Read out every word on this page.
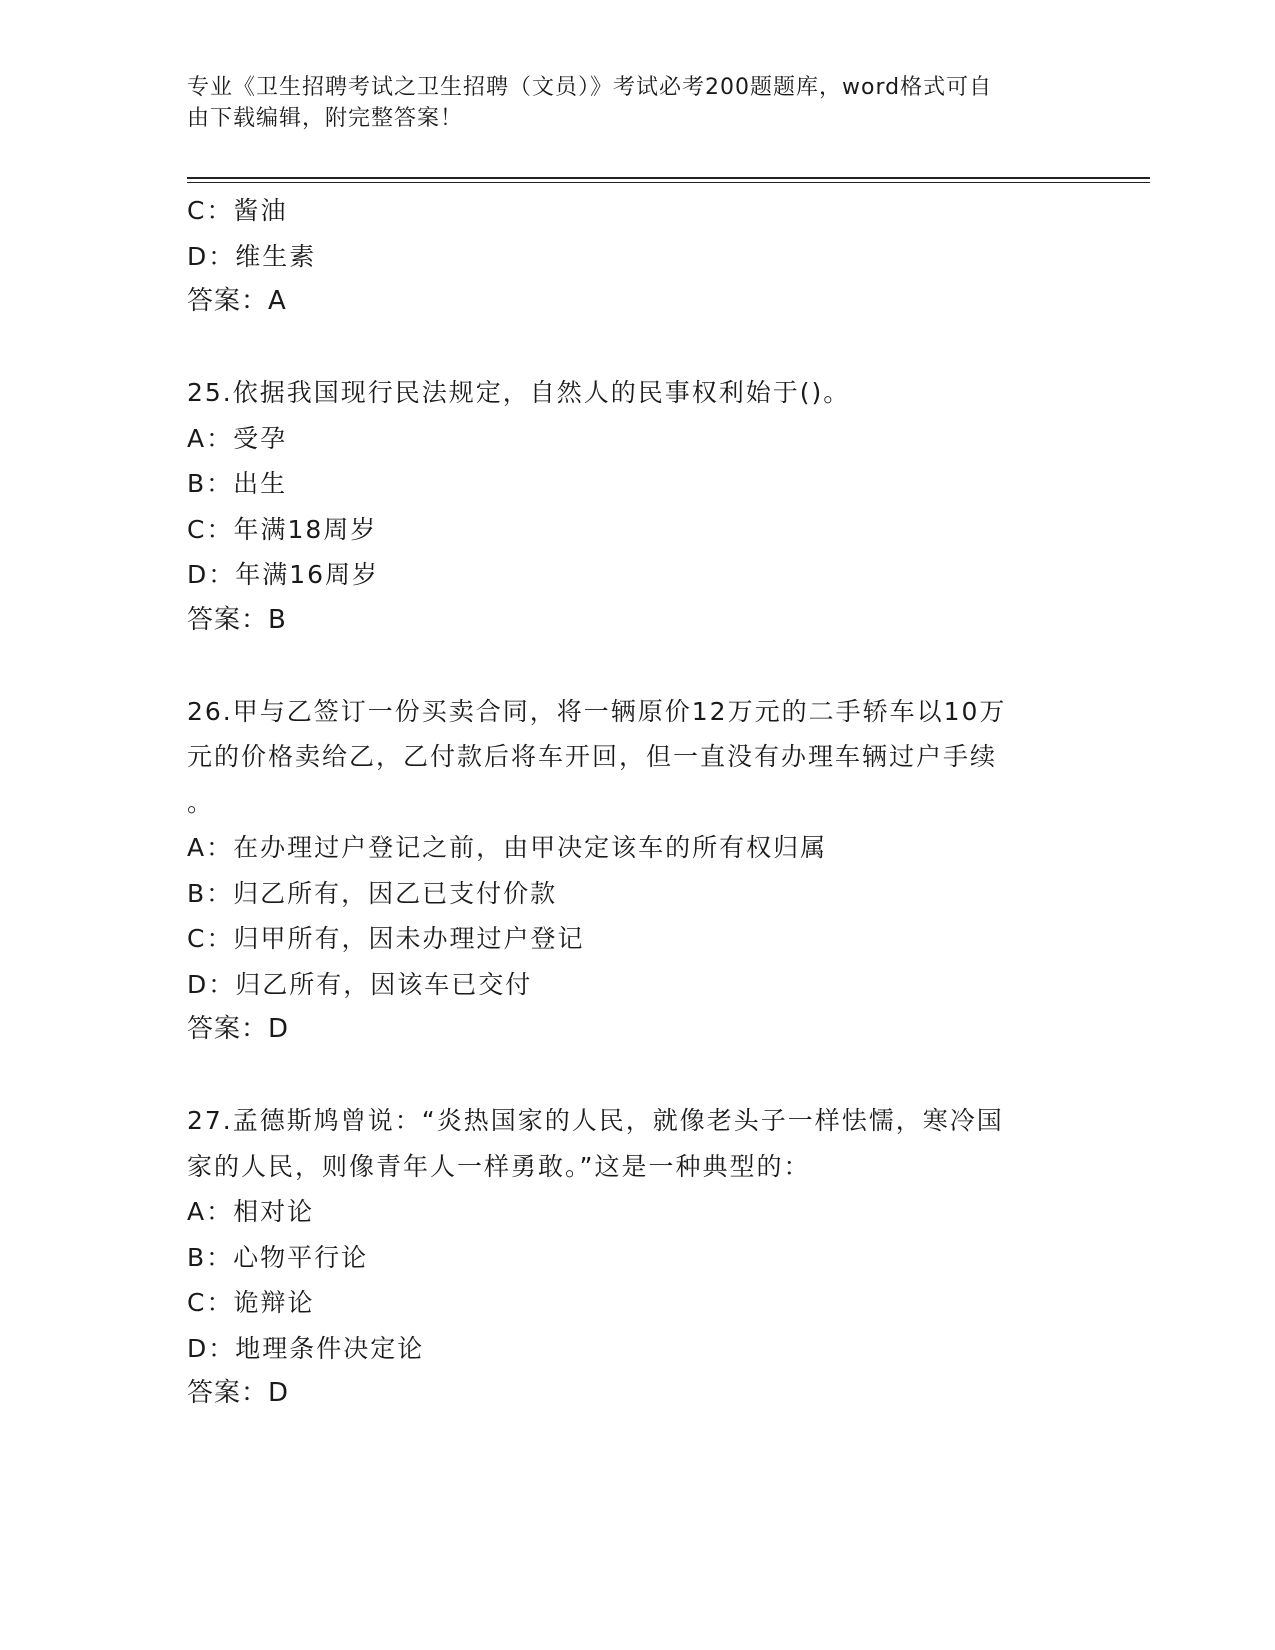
专业《卫生招聘考试之卫生招聘（文员）》考试必考200题题库，word格式可自
由下载编辑，附完整答案！
C：酱油
D：维生素
答案：A
25.依据我国现行民法规定，自然人的民事权利始于()。
A：受孕
B：出生
C：年满18周岁
D：年满16周岁
答案：B
26.甲与乙签订一份买卖合同，将一辆原价12万元的二手轿车以10万
元的价格卖给乙，乙付款后将车开回，但一直没有办理车辆过户手续
。
A：在办理过户登记之前，由甲决定该车的所有权归属
B：归乙所有，因乙已支付价款
C：归甲所有，因未办理过户登记
D：归乙所有，因该车已交付
答案：D
27.孟德斯鸠曾说：“炎热国家的人民，就像老头子一样怯懦，寒冷国
家的人民，则像青年人一样勇敢。”这是一种典型的：
A：相对论
B：心物平行论
C：诡辩论
D：地理条件决定论
答案：D
